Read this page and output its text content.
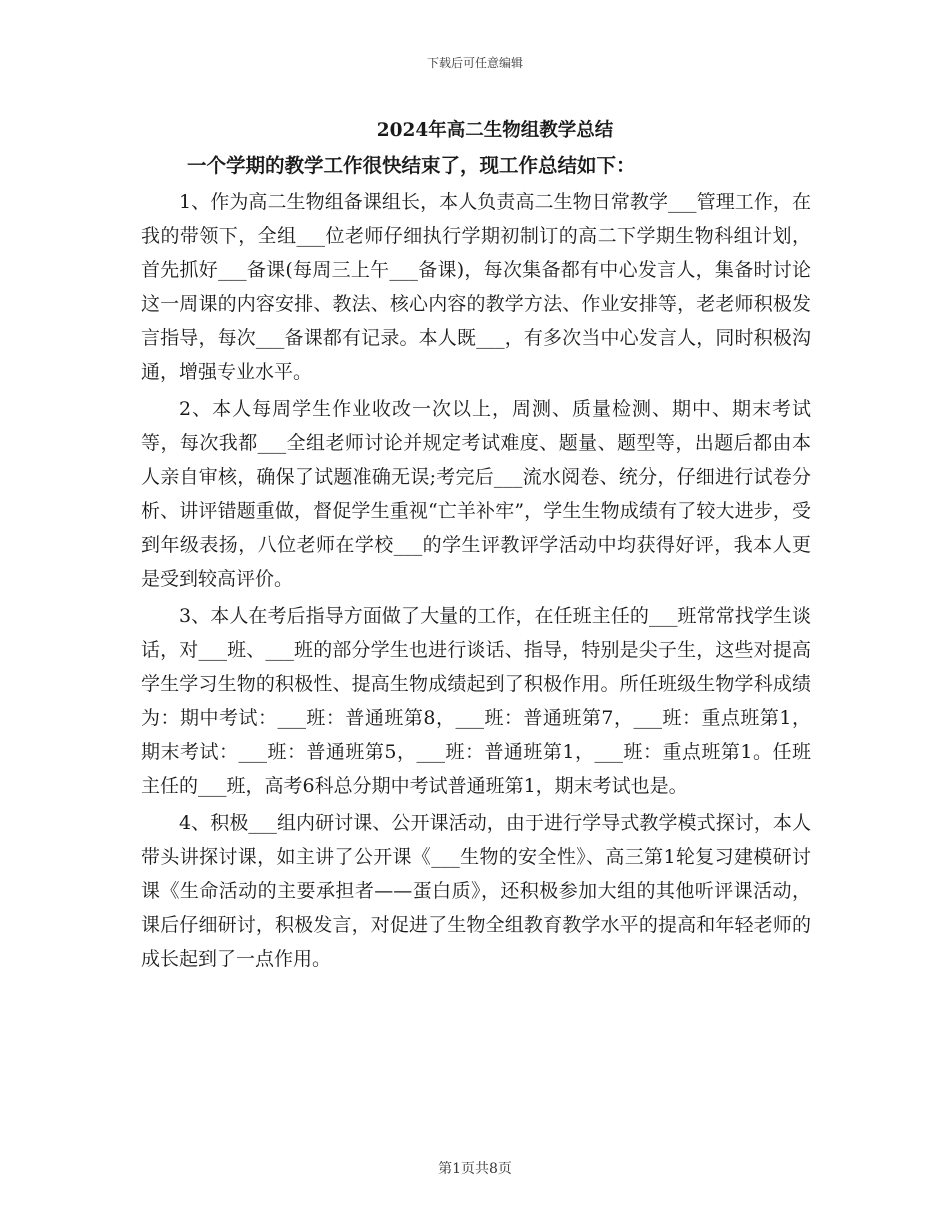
下载后可任意编辑
2024年高二生物组教学总结
一个学期的教学工作很快结束了，现工作总结如下：

1、作为高二生物组备课组长，本人负责高二生物日常教学___管理工作，在我的带领下，全组___位老师仔细执行学期初制订的高二下学期生物科组计划，首先抓好___备课(每周三上午___备课)，每次集备都有中心发言人，集备时讨论这一周课的内容安排、教法、核心内容的教学方法、作业安排等，老老师积极发言指导，每次___备课都有记录。本人既___，有多次当中心发言人，同时积极沟通，增强专业水平。

2、本人每周学生作业收改一次以上，周测、质量检测、期中、期末考试等，每次我都___全组老师讨论并规定考试难度、题量、题型等，出题后都由本人亲自审核，确保了试题准确无误;考完后___流水阅卷、统分，仔细进行试卷分析、讲评错题重做，督促学生重视“亡羊补牢”，学生生物成绩有了较大进步，受到年级表扬，八位老师在学校___的学生评教评学活动中均获得好评，我本人更是受到较高评价。

3、本人在考后指导方面做了大量的工作，在任班主任的___班常常找学生谈话，对___班、___班的部分学生也进行谈话、指导，特别是尖子生，这些对提高学生学习生物的积极性、提高生物成绩起到了积极作用。所任班级生物学科成绩为：期中考试：___班：普通班第8，___班：普通班第7，___班：重点班第1，期末考试：___班：普通班第5，___班：普通班第1，___班：重点班第1。任班主任的___班，高考6科总分期中考试普通班第1，期末考试也是。

4、积极___组内研讨课、公开课活动，由于进行学导式教学模式探讨，本人带头讲探讨课，如主讲了公开课《___生物的安全性》、高三第1轮复习建模研讨课《生命活动的主要承担者——蛋白质》，还积极参加大组的其他听评课活动，课后仔细研讨，积极发言，对促进了生物全组教育教学水平的提高和年轻老师的成长起到了一点作用。

第1页共8页
